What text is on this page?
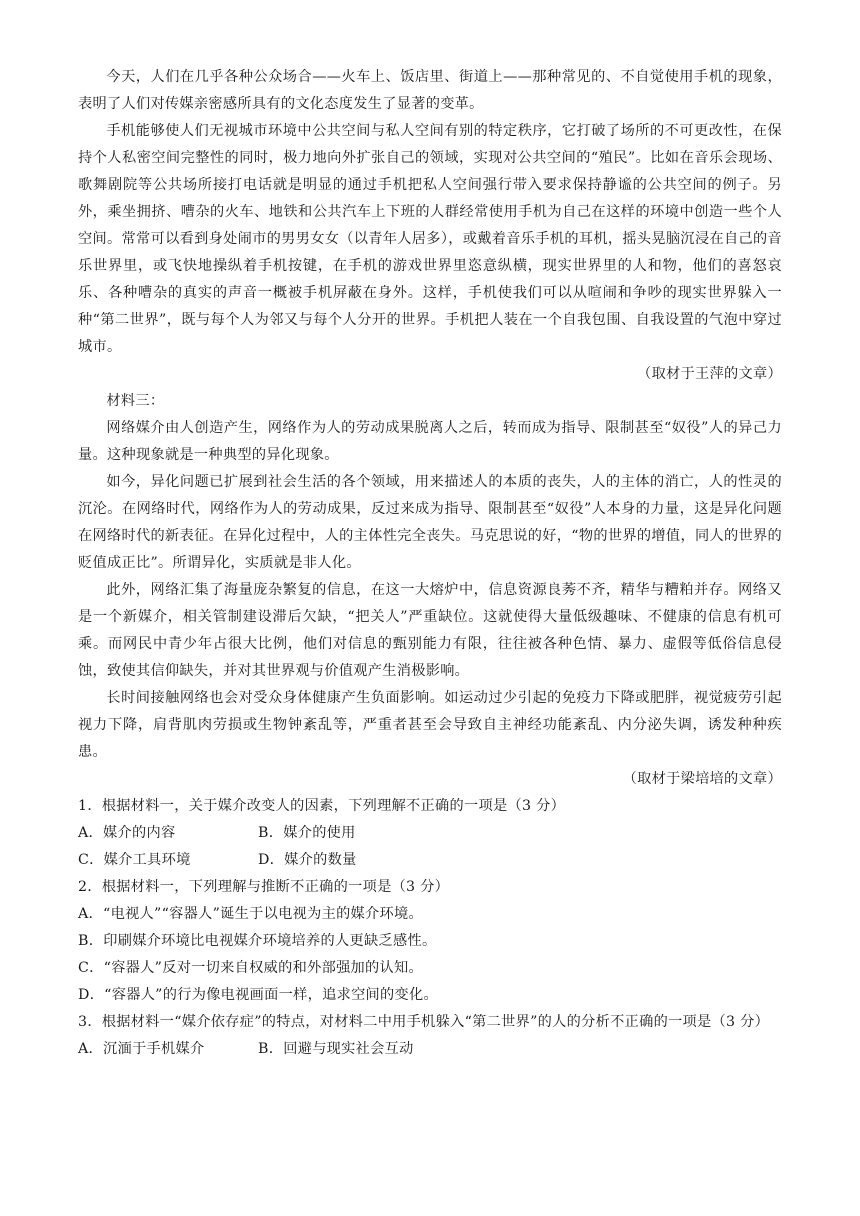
今天，人们在几乎各种公众场合——火车上、饭店里、街道上——那种常见的、不自觉使用手机的现象，表明了人们对传媒亲密感所具有的文化态度发生了显著的变革。

手机能够使人们无视城市环境中公共空间与私人空间有别的特定秩序，它打破了场所的不可更改性，在保持个人私密空间完整性的同时，极力地向外扩张自己的领域，实现对公共空间的“殖民”。比如在音乐会现场、歌舞剧院等公共场所接打电话就是明显的通过手机把私人空间强行带入要求保持静谧的公共空间的例子。另外，乘坐拥挤、嘈杂的火车、地铁和公共汽车上下班的人群经常使用手机为自己在这样的环境中创造一些个人空间。常常可以看到身处闹市的男男女女（以青年人居多），或戴着音乐手机的耳机，摇头晃脑沉浸在自己的音乐世界里，或飞快地操纵着手机按键，在手机的游戏世界里恣意纵横，现实世界里的人和物，他们的喜怒哀乐、各种嘈杂的真实的声音一概被手机屏蔽在身外。这样，手机使我们可以从喧闹和争吵的现实世界躲入一种“第二世界”，既与每个人为邻又与每个人分开的世界。手机把人装在一个自我包围、自我设置的气泡中穿过城市。

（取材于王萍的文章）

材料三：

网络媒介由人创造产生，网络作为人的劳动成果脱离人之后，转而成为指导、限制甚至“奴役”人的异己力量。这种现象就是一种典型的异化现象。

如今，异化问题已扩展到社会生活的各个领域，用来描述人的本质的丧失，人的主体的消亡，人的性灵的沉沦。在网络时代，网络作为人的劳动成果，反过来成为指导、限制甚至“奴役”人本身的力量，这是异化问题在网络时代的新表征。在异化过程中，人的主体性完全丧失。马克思说的好，“物的世界的增值，同人的世界的贬值成正比”。所谓异化，实质就是非人化。

此外，网络汇集了海量庞杂繁复的信息，在这一大熔炉中，信息资源良莠不齐，精华与糟粕并存。网络又是一个新媒介，相关管制建设滞后欠缺，“把关人”严重缺位。这就使得大量低级趣味、不健康的信息有机可乘。而网民中青少年占很大比例，他们对信息的甄别能力有限，往往被各种色情、暴力、虚假等低俗信息侵蚀，致使其信仰缺失，并对其世界观与价值观产生消极影响。

长时间接触网络也会对受众身体健康产生负面影响。如运动过少引起的免疫力下降或肥胖，视觉疲劳引起视力下降，肩背肌肉劳损或生物钟紊乱等，严重者甚至会导致自主神经功能紊乱、内分泌失调，诱发种种疾患。

（取材于梁培培的文章）

1．根据材料一，关于媒介改变人的因素，下列理解不正确的一项是（3 分）

A．媒介的内容	B．媒介的使用

C．媒介工具环境	D．媒介的数量

2．根据材料一，下列理解与推断不正确的一项是（3 分）

A．“电视人”“容器人”诞生于以电视为主的媒介环境。

B．印刷媒介环境比电视媒介环境培养的人更缺乏感性。

C．“容器人”反对一切来自权威的和外部强加的认知。

D．“容器人”的行为像电视画面一样，追求空间的变化。

3．根据材料一“媒介依存症”的特点，对材料二中用手机躲入“第二世界”的人的分析不正确的一项是（3 分）

A．沉湎于手机媒介	B．回避与现实社会互动
